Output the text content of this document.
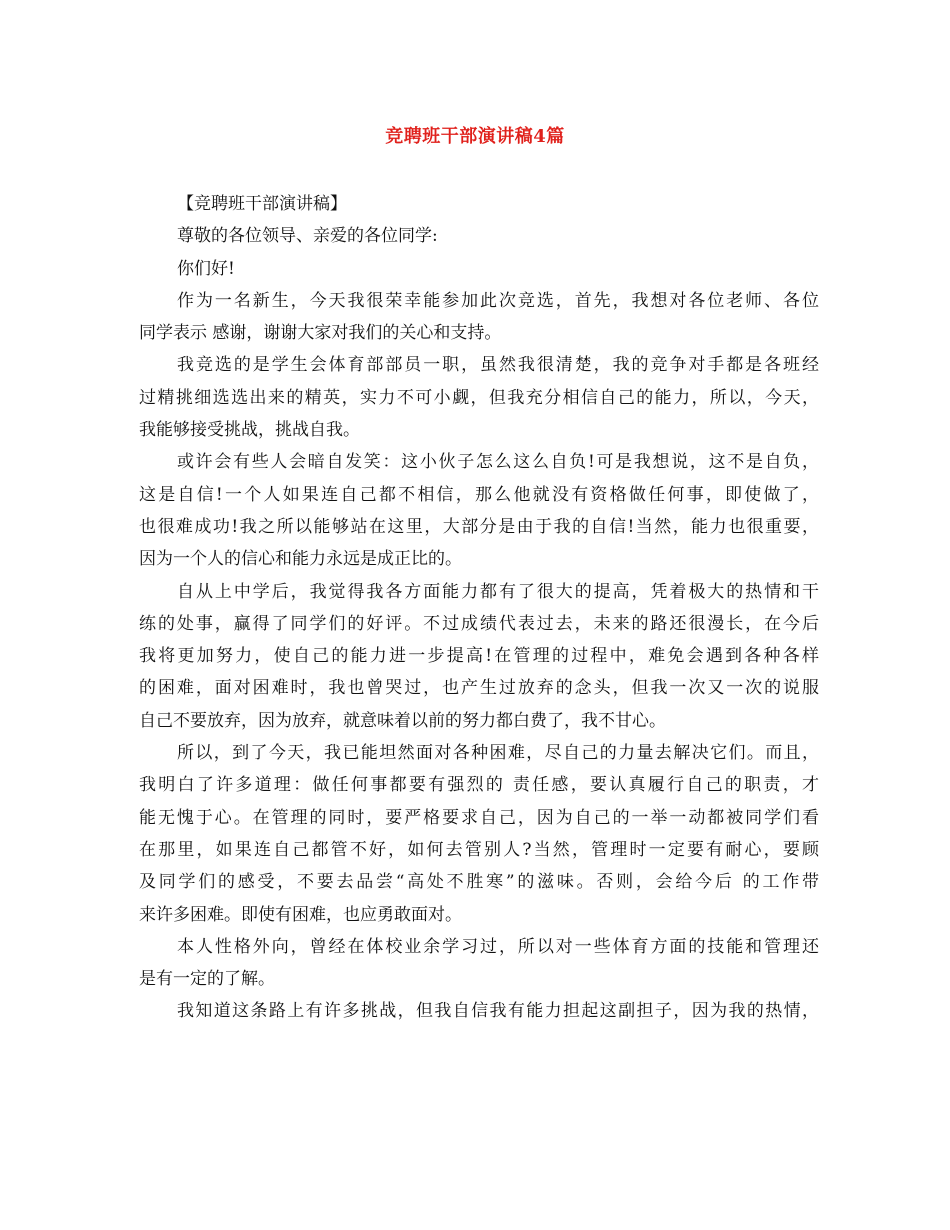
竞聘班干部演讲稿4篇
【竞聘班干部演讲稿】
尊敬的各位领导、亲爱的各位同学:
你们好!
作为一名新生，今天我很荣幸能参加此次竞选，首先，我想对各位老师、各位
同学表示 感谢，谢谢大家对我们的关心和支持。
我竞选的是学生会体育部部员一职，虽然我很清楚，我的竞争对手都是各班经
过精挑细选选出来的精英，实力不可小觑，但我充分相信自己的能力，所以，今天，
我能够接受挑战，挑战自我。
或许会有些人会暗自发笑：这小伙子怎么这么自负!可是我想说，这不是自负，
这是自信!一个人如果连自己都不相信，那么他就没有资格做任何事，即使做了，
也很难成功!我之所以能够站在这里，大部分是由于我的自信!当然，能力也很重要，
因为一个人的信心和能力永远是成正比的。
自从上中学后，我觉得我各方面能力都有了很大的提高，凭着极大的热情和干
练的处事，赢得了同学们的好评。不过成绩代表过去，未来的路还很漫长，在今后
我将更加努力，使自己的能力进一步提高!在管理的过程中，难免会遇到各种各样
的困难，面对困难时，我也曾哭过，也产生过放弃的念头，但我一次又一次的说服
自己不要放弃，因为放弃，就意味着以前的努力都白费了，我不甘心。
所以，到了今天，我已能坦然面对各种困难，尽自己的力量去解决它们。而且，
我明白了许多道理：做任何事都要有强烈的 责任感，要认真履行自己的职责，才
能无愧于心。在管理的同时，要严格要求自己，因为自己的一举一动都被同学们看
在那里，如果连自己都管不好，如何去管别人?当然，管理时一定要有耐心，要顾
及同学们的感受，不要去品尝“高处不胜寒”的滋味。否则，会给今后 的工作带
来许多困难。即使有困难，也应勇敢面对。
本人性格外向，曾经在体校业余学习过，所以对一些体育方面的技能和管理还
是有一定的了解。
我知道这条路上有许多挑战，但我自信我有能力担起这副担子，因为我的热情，
